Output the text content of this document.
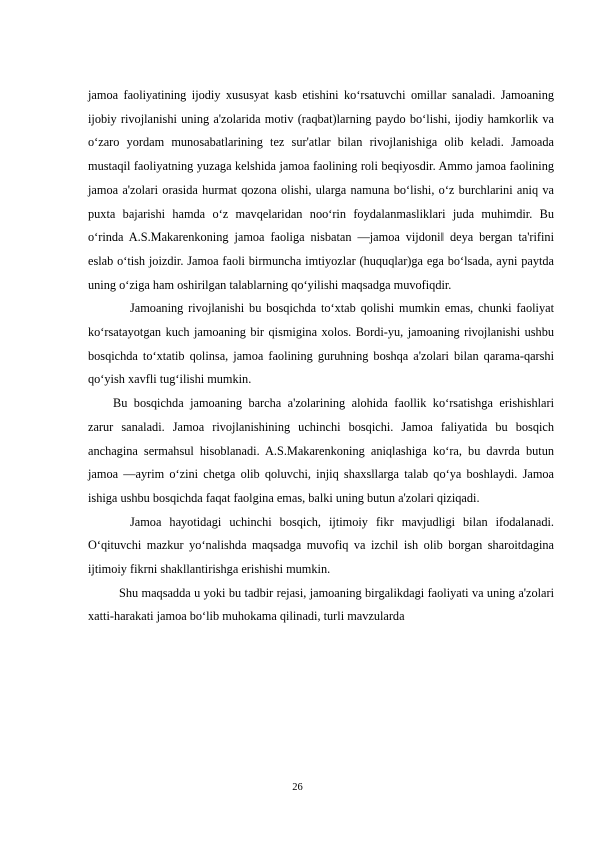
jamoa faoliyatining ijodiy xususyat kasb etishini ko‘rsatuvchi omillar sanaladi. Jamoaning ijobiy rivojlanishi uning a'zolarida motiv (raqbat)larning paydo bo‘lishi, ijodiy hamkorlik va o‘zaro yordam munosabatlarining tez sur'atlar bilan rivojlanishiga olib keladi. Jamoada mustaqil faoliyatning yuzaga kelshida jamoa faolining roli beqiyosdir. Ammo jamoa faolining jamoa a'zolari orasida hurmat qozona olishi, ularga namuna bo‘lishi, o‘z burchlarini aniq va puxta bajarishi hamda o‘z mavqelaridan noo‘rin foydalanmasliklari juda muhimdir. Bu o‘rinda A.S.Makarenkoning jamoa faoliga nisbatan ―jamoa vijdoni‖ deya bergan ta'rifini eslab o‘tish joizdir. Jamoa faoli birmuncha imtiyozlar (huquqlar)ga ega bo‘lsada, ayni paytda uning o‘ziga ham oshirilgan talablarning qo‘yilishi maqsadga muvofiqdir.

Jamoaning rivojlanishi bu bosqichda to‘xtab qolishi mumkin emas, chunki faoliyat ko‘rsatayotgan kuch jamoaning bir qismigina xolos. Bordi-yu, jamoaning rivojlanishi ushbu bosqichda to‘xtatib qolinsa, jamoa faolining guruhning boshqa a'zolari bilan qarama-qarshi qo‘yish xavfli tug‘ilishi mumkin.

Bu bosqichda jamoaning barcha a'zolarining alohida faollik ko‘rsatishga erishishlari zarur sanaladi. Jamoa rivojlanishining uchinchi bosqichi. Jamoa faliyatida bu bosqich anchagina sermahsul hisoblanadi. A.S.Makarenkoning aniqlashiga ko‘ra, bu davrda butun jamoa ―ayrim o‘zini chetga olib qoluvchi, injiq shaxsllarga talab qo‘ya boshlaydi. Jamoa ishiga ushbu bosqichda faqat faolgina emas, balki uning butun a'zolari qiziqadi.

Jamoa hayotidagi uchinchi bosqich, ijtimoiy fikr mavjudligi bilan ifodalanadi. O‘qituvchi mazkur yo‘nalishda maqsadga muvofiq va izchil ish olib borgan sharoitdagina ijtimoiy fikrni shakllantirishga erishishi mumkin.

Shu maqsadda u yoki bu tadbir rejasi, jamoaning birgalikdagi faoliyati va uning a'zolari xatti-harakati jamoa bo‘lib muhokama qilinadi, turli mavzularda

26
